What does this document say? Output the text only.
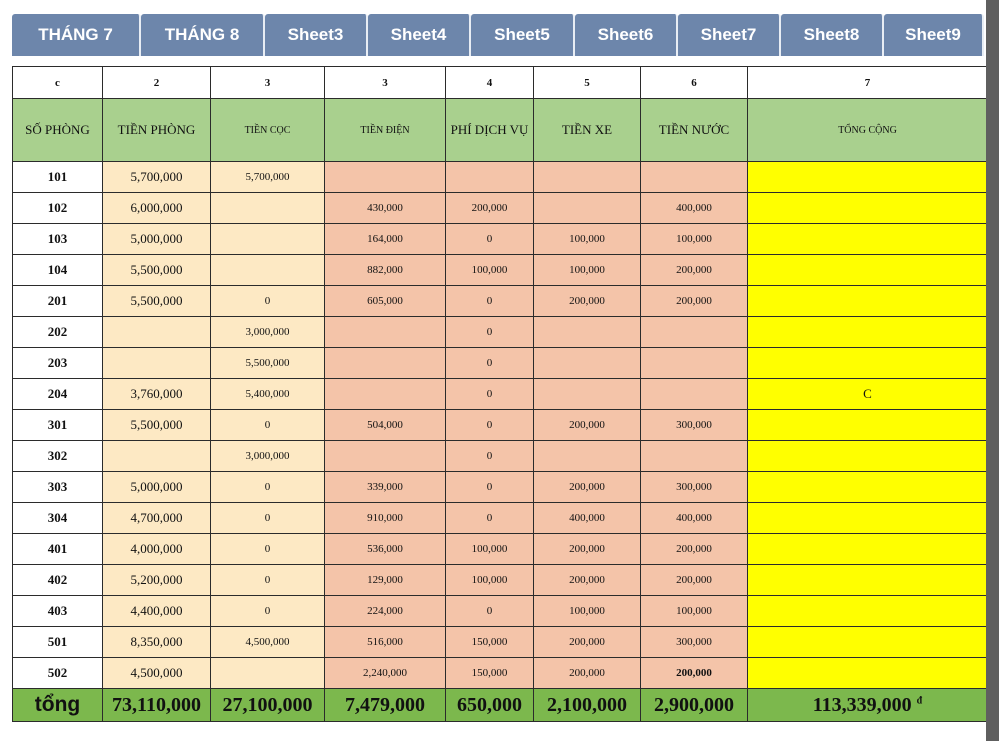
THÁNG 7	THÁNG 8	Sheet3	Sheet4	Sheet5	Sheet6	Sheet7	Sheet8	Sheet9
c	2	3	3	4	5	6	7
SỐ PHÒNG	TIỀN PHÒNG	TIỀN CỌC	TIỀN ĐIỆN	PHÍ DỊCH VỤ	TIỀN XE	TIỀN NƯỚC	TỔNG CỘNG
101	5,700,000	5,700,000					
102	6,000,000		430,000	200,000		400,000	
103	5,000,000		164,000	0	100,000	100,000	
104	5,500,000		882,000	100,000	100,000	200,000	
201	5,500,000	0	605,000	0	200,000	200,000	
202		3,000,000		0			
203		5,500,000		0			
204	3,760,000	5,400,000		0			C
301	5,500,000	0	504,000	0	200,000	300,000	
302		3,000,000		0			
303	5,000,000	0	339,000	0	200,000	300,000	
304	4,700,000	0	910,000	0	400,000	400,000	
401	4,000,000	0	536,000	100,000	200,000	200,000	
402	5,200,000	0	129,000	100,000	200,000	200,000	
403	4,400,000	0	224,000	0	100,000	100,000	
501	8,350,000	4,500,000	516,000	150,000	200,000	300,000	
502	4,500,000		2,240,000	150,000	200,000	200,000	
tổng	73,110,000	27,100,000	7,479,000	650,000	2,100,000	2,900,000	113,339,000 $^đ$
